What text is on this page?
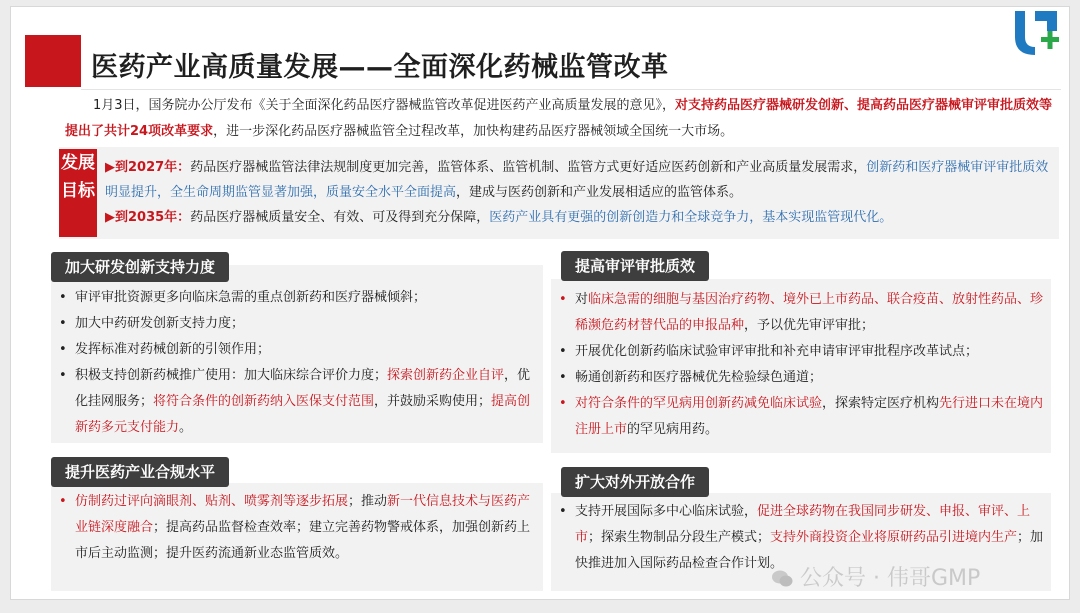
医药产业高质量发展——全面深化药械监管改革
1月3日，国务院办公厅发布《关于全面深化药品医疗器械监管改革促进医药产业高质量发展的意见》，对支持药品医疗器械研发创新、提高药品医疗器械审评审批质效等提出了共计24项改革要求，进一步深化药品医疗器械监管全过程改革，加快构建药品医疗器械领域全国统一大市场。
发展目标

▶到2027年：药品医疗器械监管法律法规制度更加完善，监管体系、监管机制、监管方式更好适应医药创新和产业高质量发展需求，创新药和医疗器械审评审批质效明显提升，全生命周期监管显著加强，质量安全水平全面提高，建成与医药创新和产业发展相适应的监管体系。

▶到2035年：药品医疗器械质量安全、有效、可及得到充分保障，医药产业具有更强的创新创造力和全球竞争力，基本实现监管现代化。

• 审评审批资源更多向临床急需的重点创新药和医疗器械倾斜；
• 加大中药研发创新支持力度；
• 发挥标准对药械创新的引领作用；
• 积极支持创新药械推广使用：加大临床综合评价力度；探索创新药企业自评，优化挂网服务；将符合条件的创新药纳入医保支付范围，并鼓励采购使用；提高创新药多元支付能力。
加大研发创新支持力度
• 对临床急需的细胞与基因治疗药物、境外已上市药品、联合疫苗、放射性药品、珍稀濒危药材替代品的申报品种，予以优先审评审批；
• 开展优化创新药临床试验审评审批和补充申请审评审批程序改革试点；
• 畅通创新药和医疗器械优先检验绿色通道；
• 对符合条件的罕见病用创新药减免临床试验，探索特定医疗机构先行进口未在境内注册上市的罕见病用药。
提高审评审批质效
• 仿制药过评向滴眼剂、贴剂、喷雾剂等逐步拓展；推动新一代信息技术与医药产业链深度融合；提高药品监督检查效率；建立完善药物警戒体系，加强创新药上市后主动监测；提升医药流通新业态监管质效。
提升医药产业合规水平
• 支持开展国际多中心临床试验，促进全球药物在我国同步研发、申报、审评、上市；探索生物制品分段生产模式；支持外商投资企业将原研药品引进境内生产；加快推进加入国际药品检查合作计划。
扩大对外开放合作
公众号 · 伟哥GMP
